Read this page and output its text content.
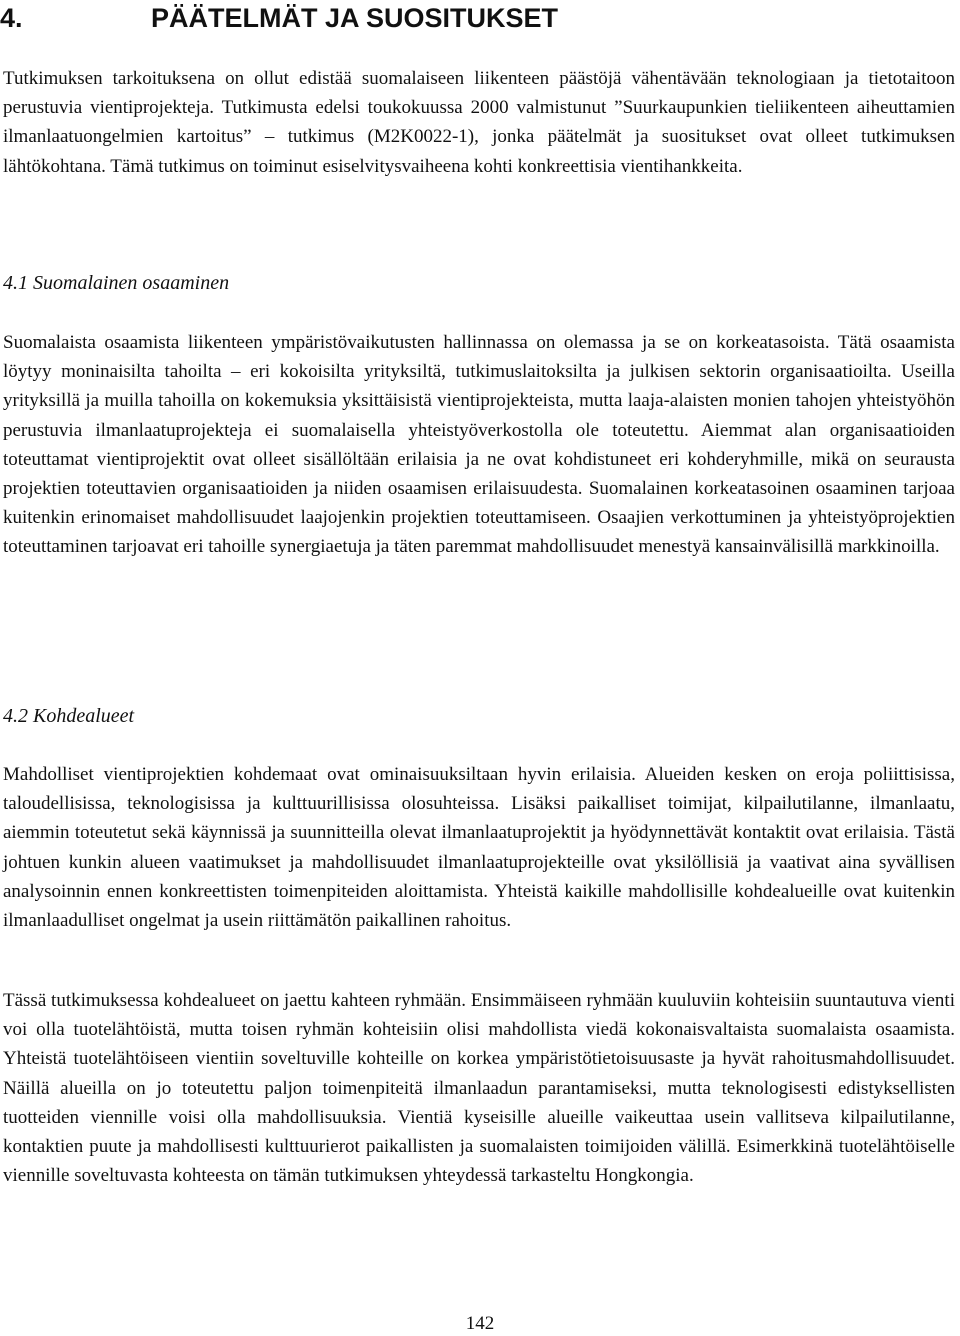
4.	PÄÄTELMÄT JA SUOSITUKSET

Tutkimuksen tarkoituksena on ollut edistää suomalaiseen liikenteen päästöjä vähentävään teknologiaan ja tietotaitoon perustuvia vientiprojekteja. Tutkimusta edelsi toukokuussa 2000 valmistunut ”Suurkaupunkien tieliikenteen aiheuttamien ilmanlaatuongelmien kartoitus” – tutkimus (M2K0022-1), jonka päätelmät ja suositukset ovat olleet tutkimuksen lähtökohtana. Tämä tutkimus on toiminut esiselvitysvaiheena kohti konkreettisia vientihankkeita.

4.1 Suomalainen osaaminen

Suomalaista osaamista liikenteen ympäristövaikutusten hallinnassa on olemassa ja se on korkeatasoista. Tätä osaamista löytyy moninaisilta tahoilta – eri kokoisilta yrityksiltä, tutkimuslaitoksilta ja julkisen sektorin organisaatioilta. Useilla yrityksillä ja muilla tahoilla on kokemuksia yksittäisistä vientiprojekteista, mutta laaja-alaisten monien tahojen yhteistyöhön perustuvia ilmanlaatuprojekteja ei suomalaisella yhteistyöverkostolla ole toteutettu. Aiemmat alan organisaatioiden toteuttamat vientiprojektit ovat olleet sisällöltään erilaisia ja ne ovat kohdistuneet eri kohderyhmille, mikä on seurausta projektien toteuttavien organisaatioiden ja niiden osaamisen erilaisuudesta. Suomalainen korkeatasoinen osaaminen tarjoaa kuitenkin erinomaiset mahdollisuudet laajojenkin projektien toteuttamiseen. Osaajien verkottuminen ja yhteistyöprojektien toteuttaminen tarjoavat eri tahoille synergiaetuja ja täten paremmat mahdollisuudet menestyä kansainvälisillä markkinoilla.

4.2 Kohdealueet

Mahdolliset vientiprojektien kohdemaat ovat ominaisuuksiltaan hyvin erilaisia. Alueiden kesken on eroja poliittisissa, taloudellisissa, teknologisissa ja kulttuurillisissa olosuhteissa. Lisäksi paikalliset toimijat, kilpailutilanne, ilmanlaatu, aiemmin toteutetut sekä käynnissä ja suunnitteilla olevat ilmanlaatuprojektit ja hyödynnettävät kontaktit ovat erilaisia. Tästä johtuen kunkin alueen vaatimukset ja mahdollisuudet ilmanlaatuprojekteille ovat yksilöllisiä ja vaativat aina syvällisen analysoinnin ennen konkreettisten toimenpiteiden aloittamista. Yhteistä kaikille mahdollisille kohdealueille ovat kuitenkin ilmanlaadulliset ongelmat ja usein riittämätön paikallinen rahoitus.

Tässä tutkimuksessa kohdealueet on jaettu kahteen ryhmään. Ensimmäiseen ryhmään kuuluviin kohteisiin suuntautuva vienti voi olla tuotelähtöistä, mutta toisen ryhmän kohteisiin olisi mahdollista viedä kokonaisvaltaista suomalaista osaamista. Yhteistä tuotelähtöiseen vientiin soveltuville kohteille on korkea ympäristötietoisuusaste ja hyvät rahoitusmahdollisuudet. Näillä alueilla on jo toteutettu paljon toimenpiteitä ilmanlaadun parantamiseksi, mutta teknologisesti edistyksellisten tuotteiden viennille voisi olla mahdollisuuksia. Vientiä kyseisille alueille vaikeuttaa usein vallitseva kilpailutilanne, kontaktien puute ja mahdollisesti kulttuurierot paikallisten ja suomalaisten toimijoiden välillä. Esimerkkinä tuotelähtöiselle viennille soveltuvasta kohteesta on tämän tutkimuksen yhteydessä tarkasteltu Hongkongia.

142
